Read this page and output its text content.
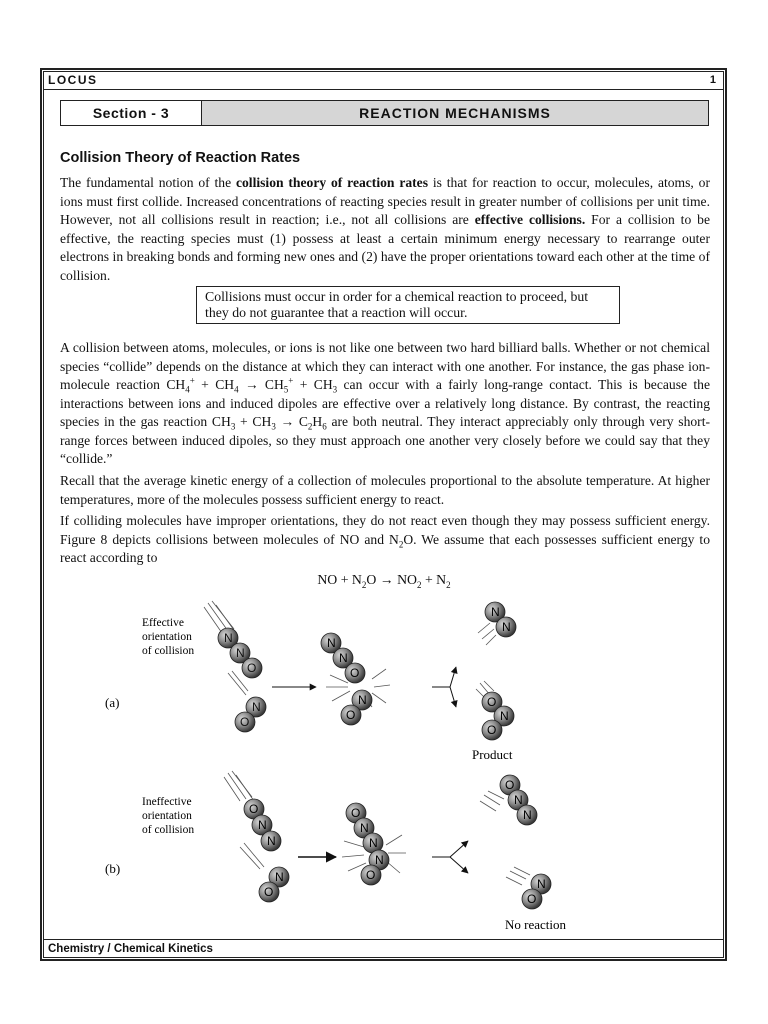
LOCUS	1
Section - 3	REACTION MECHANISMS
Collision Theory of Reaction Rates
The fundamental notion of the collision theory of reaction rates is that for reaction to occur, molecules, atoms, or ions must first collide. Increased concentrations of reacting species result in greater number of collisions per unit time. However, not all collisions result in reaction; i.e., not all collisions are effective collisions. For a collision to be effective, the reacting species must (1) possess at least a certain minimum energy necessary to rearrange outer electrons in breaking bonds and forming new ones and (2) have the proper orientations toward each other at the time of collision.
Collisions must occur in order for a chemical reaction to proceed, but they do not guarantee that a reaction will occur.
A collision between atoms, molecules, or ions is not like one between two hard billiard balls. Whether or not chemical species “collide” depends on the distance at which they can interact with one another. For instance, the gas phase ion-molecule reaction $CH_4^+ + CH_4 \to CH_5^+ + CH_3$ can occur with a fairly long-range contact. This is because the interactions between ions and induced dipoles are effective over a relatively long distance. By contrast, the reacting species in the gas reaction $CH_3 + CH_3 \to C_2H_6$ are both neutral. They interact appreciably only through very short-range forces between induced dipoles, so they must approach one another very closely before we could say that they “collide.”
Recall that the average kinetic energy of a collection of molecules proportional to the absolute temperature. At higher temperatures, more of the molecules possess sufficient energy to react.
If colliding molecules have improper orientations, they do not react even though they may possess sufficient energy. Figure 8 depicts collisions between molecules of NO and $N_2O$. We assume that each possesses sufficient energy to react according to
NO + $N_2O \to NO_2 + N_2$
Effective
orientation
of collision
(a)
Ineffective
orientation
of collision
(b)
N
N
O
N
O
N
N
O
N
O
N
N
O
N
O
Product
O
N
N
N
O
O
N
N
N
O
O
N
N
N
O
No reaction
Chemistry / Chemical Kinetics
